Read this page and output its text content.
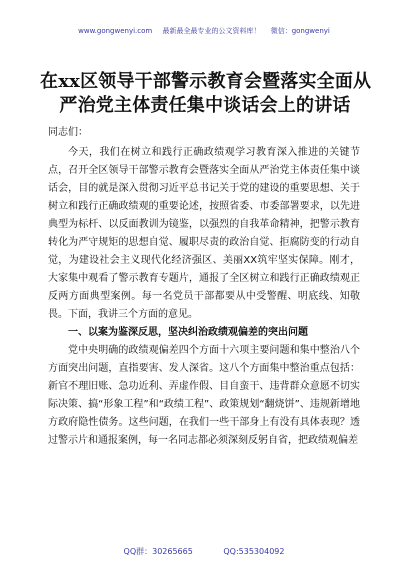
www.gongwenyi.com 最新最全最专业的公文资料库！ 微信：gongwenyi
在xx区领导干部警示教育会暨落实全面从
严治党主体责任集中谈话会上的讲话

同志们：

今天，我们在树立和践行正确政绩观学习教育深入推进的关键节点，召开全区领导干部警示教育会暨落实全面从严治党主体责任集中谈话会，目的就是深入贯彻习近平总书记关于党的建设的重要思想、关于树立和践行正确政绩观的重要论述，按照省委、市委部署要求，以先进典型为标杆、以反面教训为镜鉴，以强烈的自我革命精神，把警示教育转化为严守规矩的思想自觉、履职尽责的政治自觉、拒腐防变的行动自觉，为建设社会主义现代化经济强区、美丽XX筑牢坚实保障。刚才，大家集中观看了警示教育专题片，通报了全区树立和践行正确政绩观正反两方面典型案例。每一名党员干部都要从中受警醒、明底线、知敬畏。下面，我讲三个方面的意见。

一、以案为鉴深反思，坚决纠治政绩观偏差的突出问题

党中央明确的政绩观偏差四个方面十六项主要问题和集中整治八个方面突出问题，直指要害、发人深省。这八个方面集中整治重点包括：新官不理旧账、急功近利、弄虚作假、目自蛮干、违背群众意愿不切实际决策、搞“形象工程”和“政绩工程”、政策规划“翻烧饼”、违规新增地方政府隐性债务。这些问题，在我们一些干部身上有没有具体表现？透过警示片和通报案例，每一名同志都必须深刻反躬自省，把政绩观偏差

QQ群：30265665	QQ:535304092
